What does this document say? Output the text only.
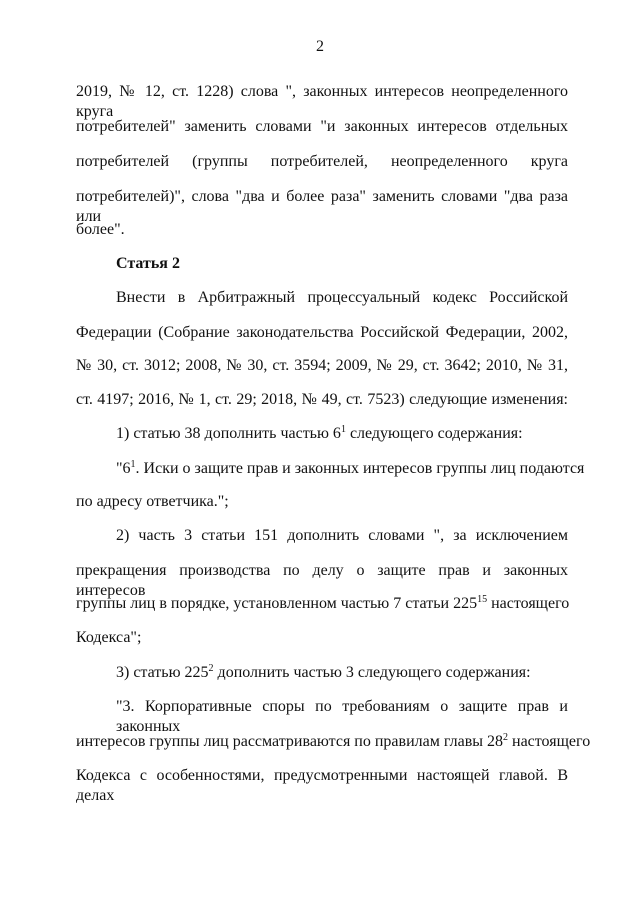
2
2019, № 12, ст. 1228) слова ", законных интересов неопределенного круга
потребителей" заменить словами "и законных интересов отдельных
потребителей (группы потребителей, неопределенного круга
потребителей)", слова "два и более раза" заменить словами "два раза или
более".
Статья 2
Внести в Арбитражный процессуальный кодекс Российской
Федерации (Собрание законодательства Российской Федерации, 2002,
№ 30, ст. 3012; 2008, № 30, ст. 3594; 2009, № 29, ст. 3642; 2010, № 31,
ст. 4197; 2016, № 1, ст. 29; 2018, № 49, ст. 7523) следующие изменения:
1) статью 38 дополнить частью $6^1$ следующего содержания:
"$6^1$. Иски о защите прав и законных интересов группы лиц подаются
по адресу ответчика.";
2) часть 3 статьи 151 дополнить словами ", за исключением
прекращения производства по делу о защите прав и законных интересов
группы лиц в порядке, установленном частью 7 статьи $225^{15}$ настоящего
Кодекса";
3) статью $225^2$ дополнить частью 3 следующего содержания:
"3. Корпоративные споры по требованиям о защите прав и законных
интересов группы лиц рассматриваются по правилам главы $28^2$ настоящего
Кодекса с особенностями, предусмотренными настоящей главой. В делах
